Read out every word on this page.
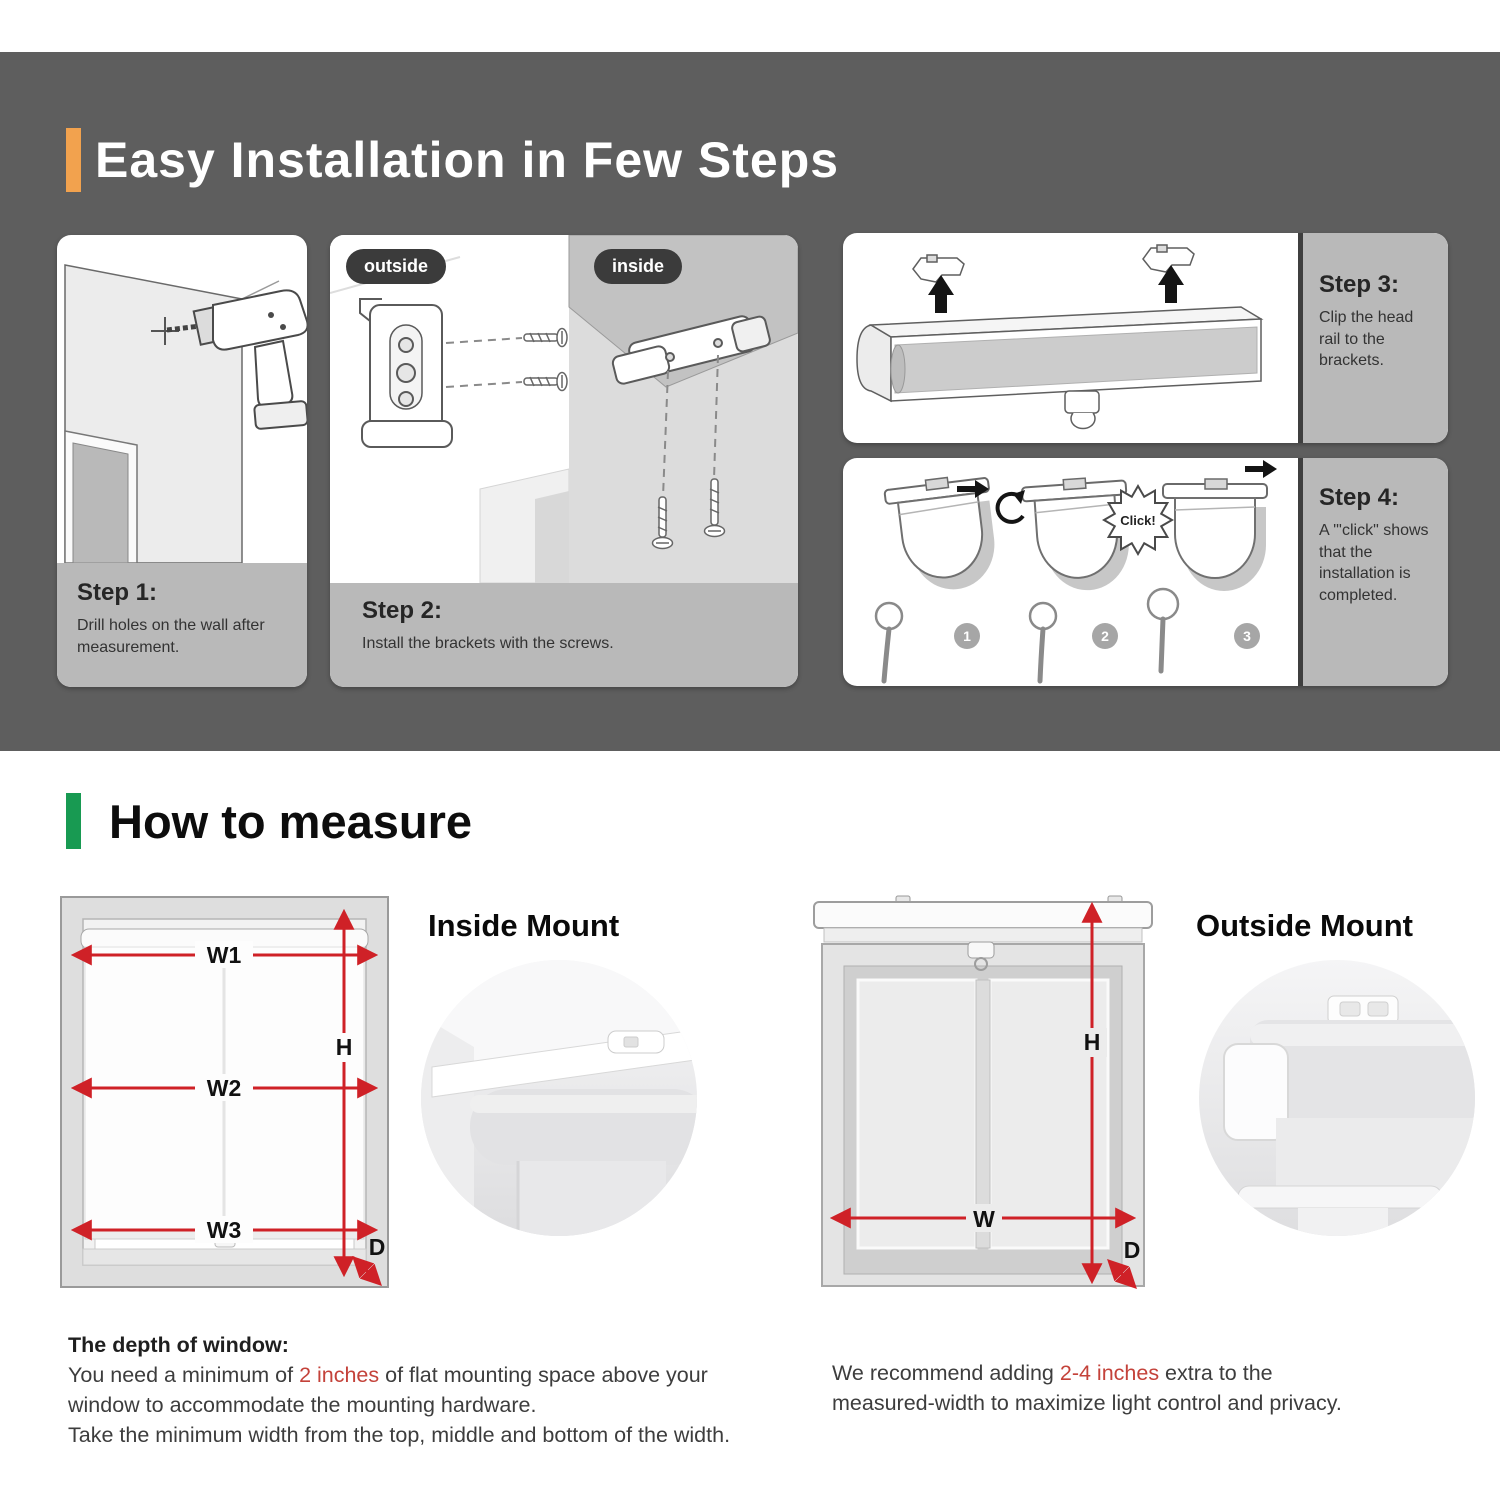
Easy Installation in Few Steps
Step 1:
Drill holes on the wall after measurement.
outside	inside
Step 2:
Install the brackets with the screws.
Step 3:
Clip the head rail to the brackets.
1	2	3
Click!
Step 4:
A "'click" shows that the installation is completed.
How to measure
W1
W2
W3
H
D
Inside Mount
W
H
D
Outside Mount
The depth of window:
You need a minimum of 2 inches of flat mounting space above your
window to accommodate the mounting hardware.
Take the minimum width from the top, middle and bottom of the width.
We recommend adding 2-4 inches extra to the
measured-width to maximize light control and privacy.
